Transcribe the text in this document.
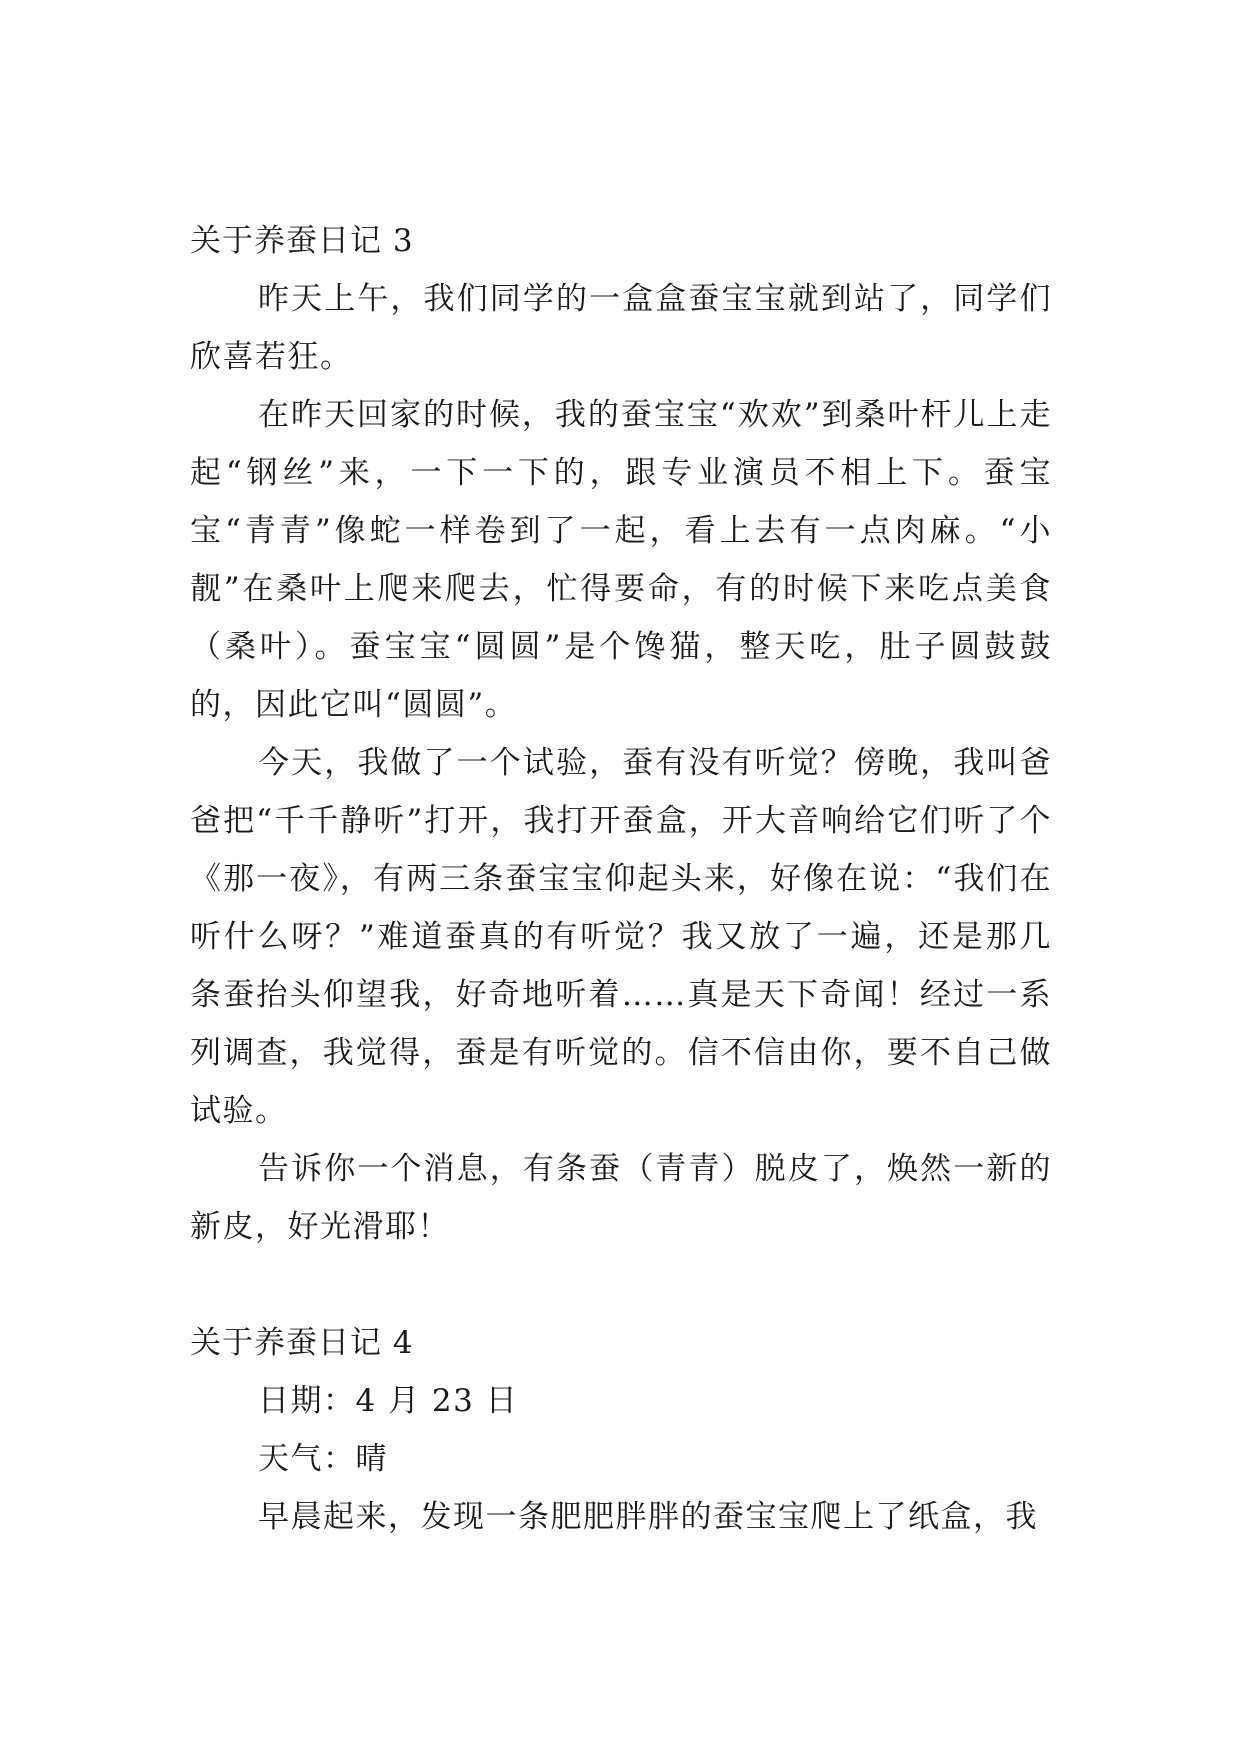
关于养蚕日记 3

昨天上午，我们同学的一盒盒蚕宝宝就到站了，同学们欣喜若狂。

在昨天回家的时候，我的蚕宝宝“欢欢”到桑叶杆儿上走起“钢丝”来，一下一下的，跟专业演员不相上下。蚕宝宝“青青”像蛇一样卷到了一起，看上去有一点肉麻。“小靓”在桑叶上爬来爬去，忙得要命，有的时候下来吃点美食（桑叶）。蚕宝宝“圆圆”是个馋猫，整天吃，肚子圆鼓鼓的，因此它叫“圆圆”。

今天，我做了一个试验，蚕有没有听觉？傍晚，我叫爸爸把“千千静听”打开，我打开蚕盒，开大音响给它们听了个《那一夜》，有两三条蚕宝宝仰起头来，好像在说：“我们在听什么呀？”难道蚕真的有听觉？我又放了一遍，还是那几条蚕抬头仰望我，好奇地听着……真是天下奇闻！经过一系列调查，我觉得，蚕是有听觉的。信不信由你，要不自己做试验。

告诉你一个消息，有条蚕（青青）脱皮了，焕然一新的新皮，好光滑耶！

关于养蚕日记 4

日期：4 月 23 日

天气：晴

早晨起来，发现一条肥肥胖胖的蚕宝宝爬上了纸盒，我
